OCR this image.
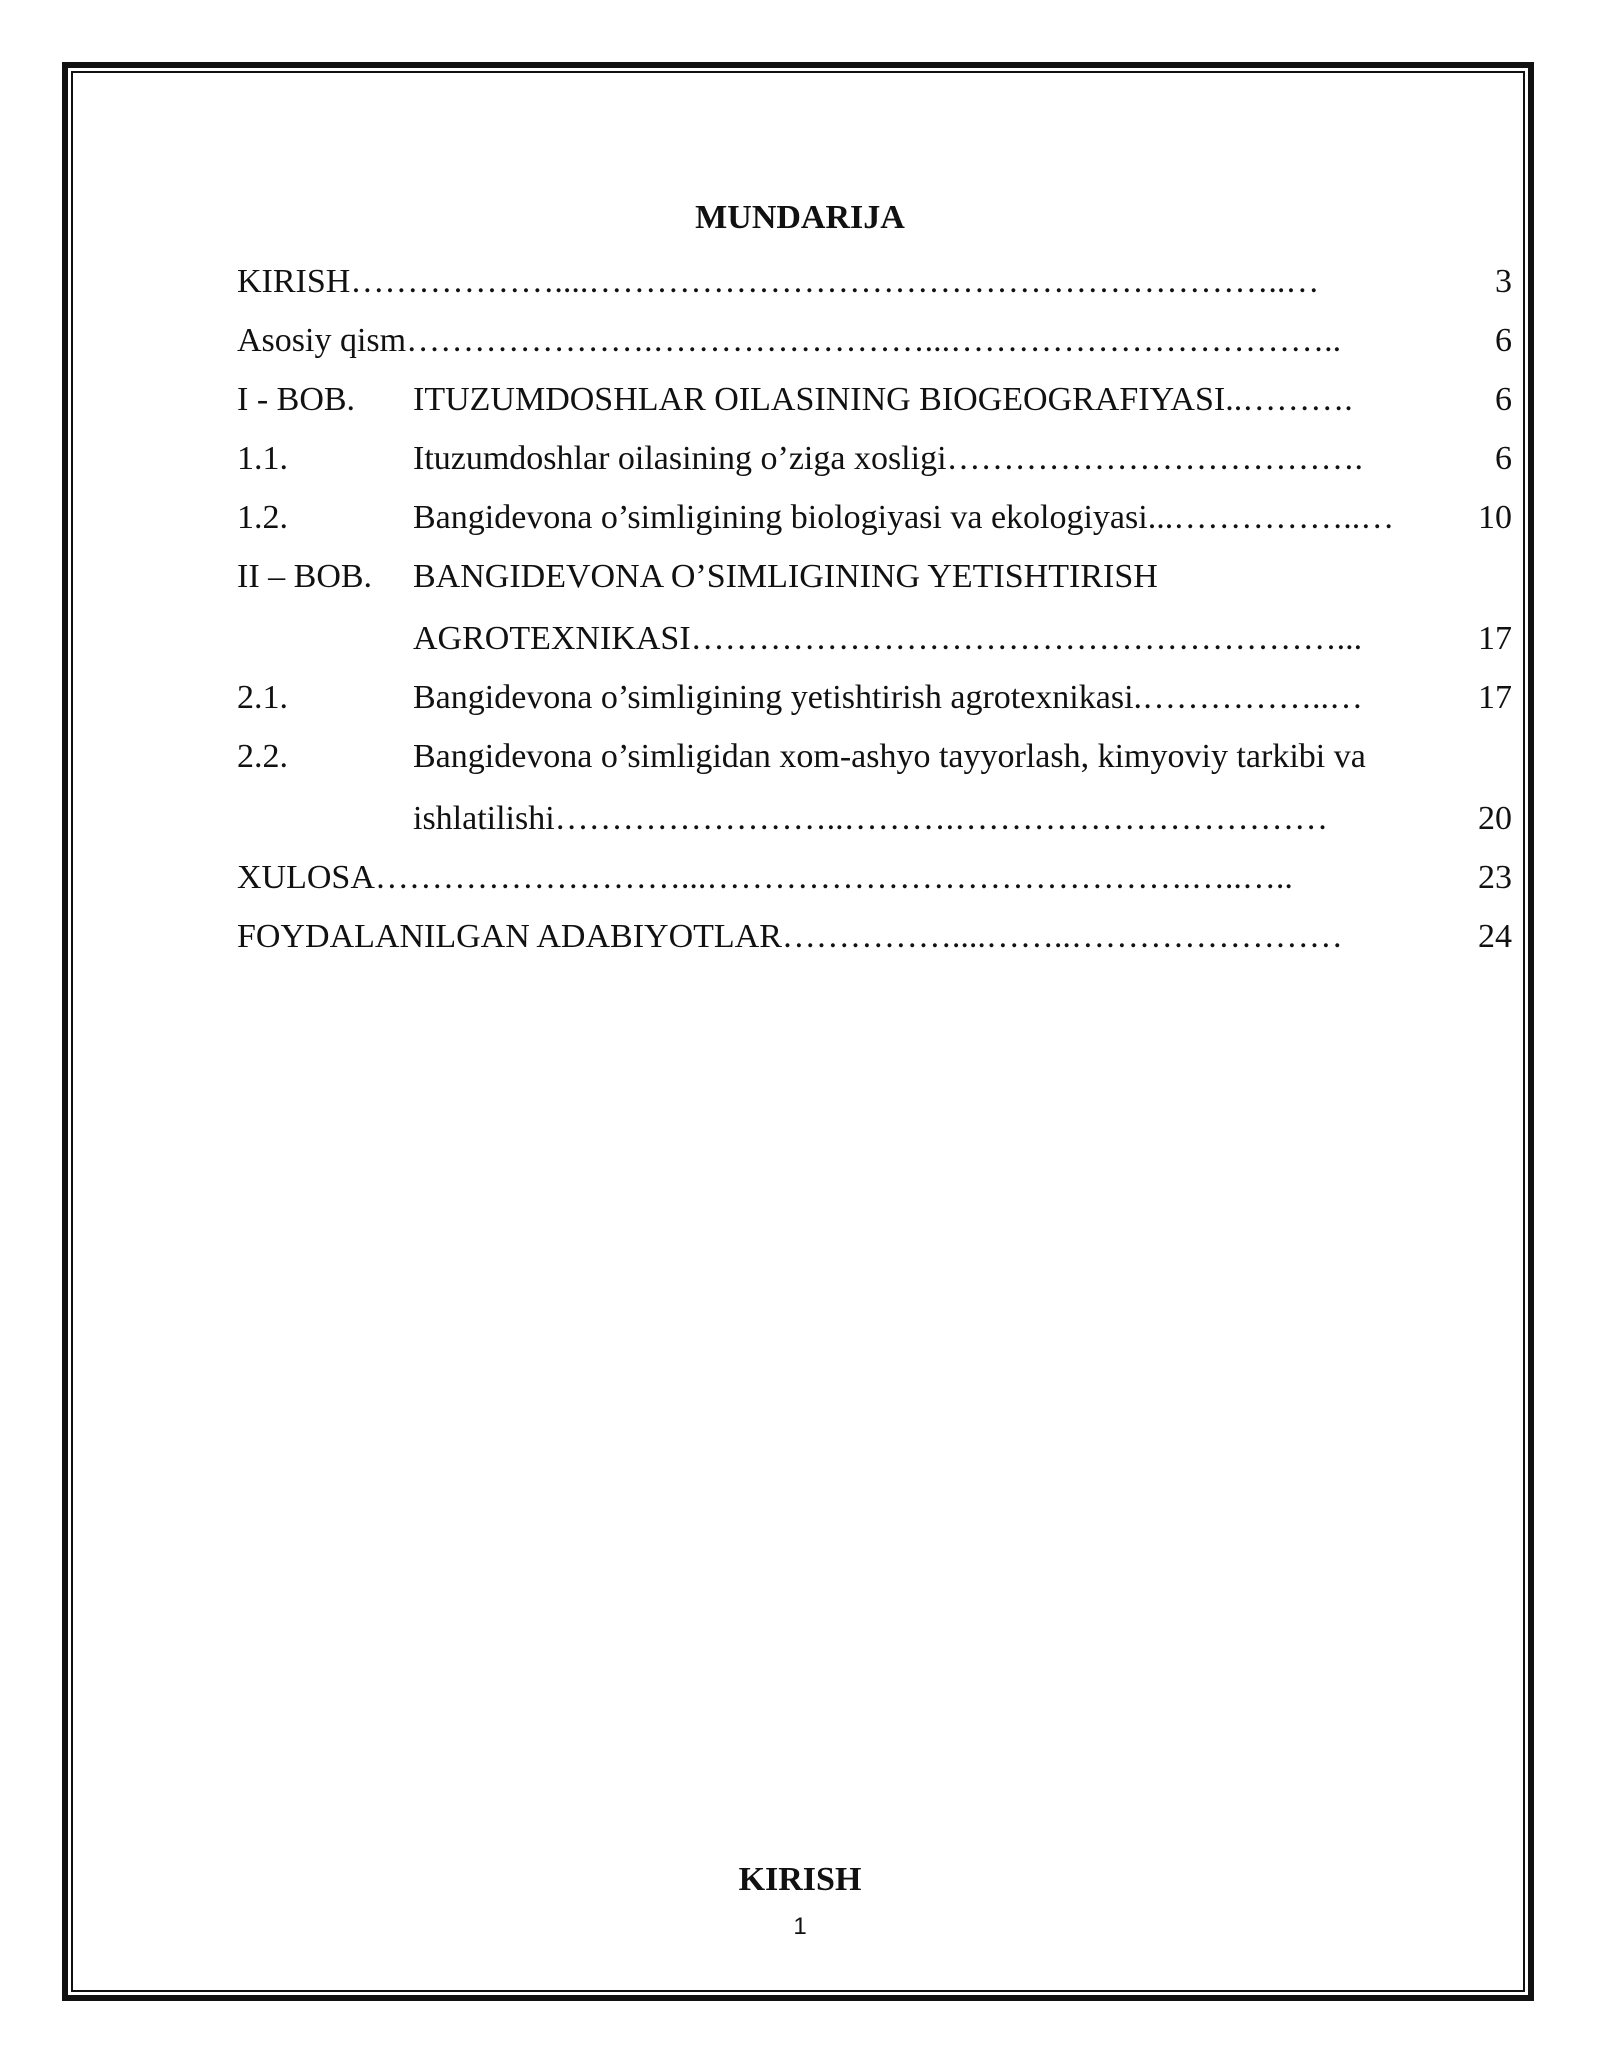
MUNDARIJA
KIRISH………………....……………………………………………………..…	3
Asosiy qism………………….……………………...……………………………..	6
I - BOB.	ITUZUMDOSHLAR OILASINING BIOGEOGRAFIYASI..……….	6
1.1.	Ituzumdoshlar oilasining o’ziga xosligi……………………………….	6
1.2.	Bangidevona o’simligining biologiyasi va ekologiyasi...……………..…	10
II – BOB.	BANGIDEVONA O’SIMLIGINING YETISHTIRISH
AGROTEXNIKASI…………………………………………………...	17
2.1.	Bangidevona o’simligining yetishtirish agrotexnikasi.……………..…	17
2.2.	Bangidevona o’simligidan xom-ashyo tayyorlash, kimyoviy tarkibi va
ishlatilishi……………………..……….……………………………	20
XULOSA………………………...…………………………………….…..…..	23
FOYDALANILGAN ADABIYOTLAR……………....……..……………………	24
KIRISH
1
